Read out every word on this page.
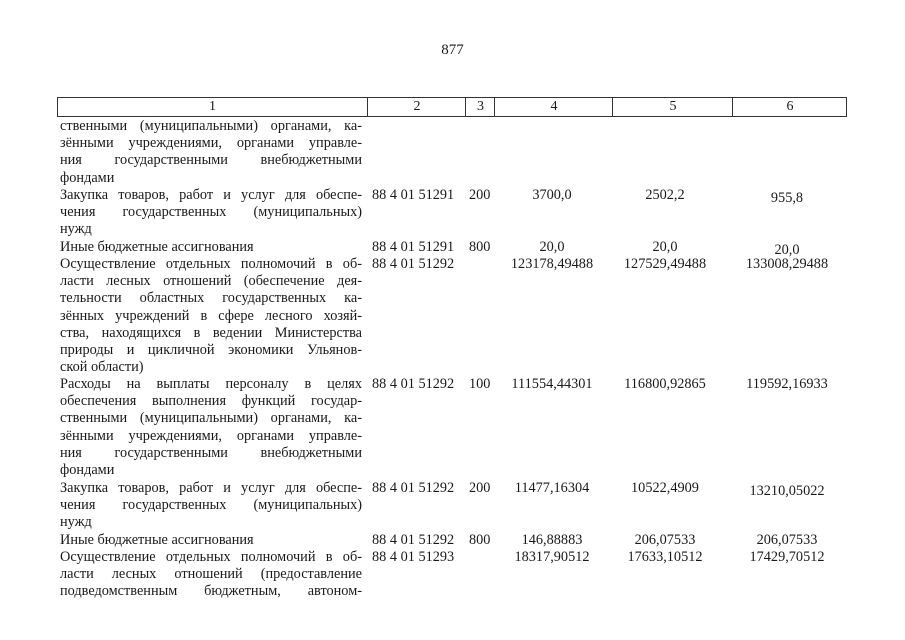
877
1	2	3	4	5	6
ственными (муниципальными) органами, ка-
зёнными учреждениями, органами управле-
ния государственными внебюджетными
фондами
Закупка товаров, работ и услуг для обеспе-
чения государственных (муниципальных)
нужд
88 4 01 51291 200	3700,0	2502,2	955,8
Иные бюджетные ассигнования	88 4 01 51291 800	20,0	20,0	20,0
Осуществление отдельных полномочий в об-
ласти лесных отношений (обеспечение дея-
тельности областных государственных ка-
зённых учреждений в сфере лесного хозяй-
ства, находящихся в ведении Министерства
природы и цикличной экономики Ульянов-
ской области)
88 4 01 51292	123178,49488	127529,49488	133008,29488
Расходы на выплаты персоналу в целях
обеспечения выполнения функций государ-
ственными (муниципальными) органами, ка-
зёнными учреждениями, органами управле-
ния государственными внебюджетными
фондами
88 4 01 51292 100	111554,44301	116800,92865	119592,16933
Закупка товаров, работ и услуг для обеспе-
чения государственных (муниципальных)
нужд
88 4 01 51292 200	11477,16304	10522,4909	13210,05022
Иные бюджетные ассигнования	88 4 01 51292 800	146,88883	206,07533	206,07533
Осуществление отдельных полномочий в об-
ласти лесных отношений (предоставление
подведомственным бюджетным, автоном-
88 4 01 51293	18317,90512	17633,10512	17429,70512
